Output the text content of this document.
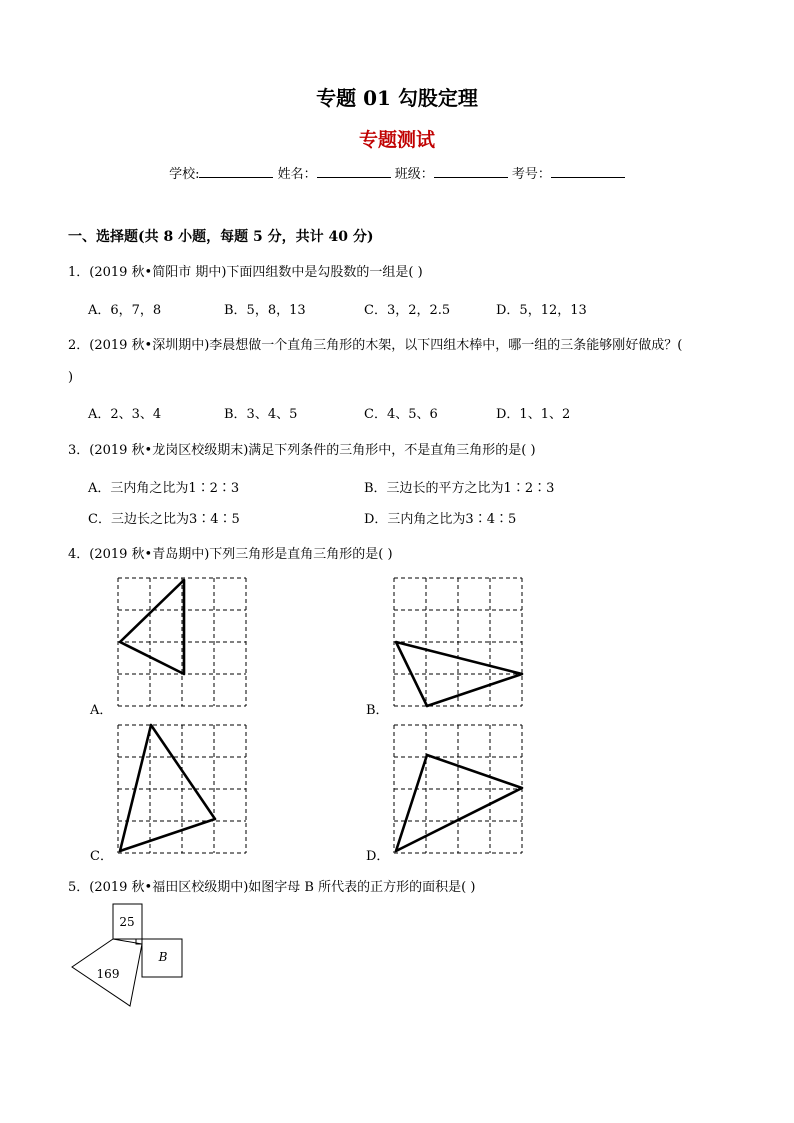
专题 01 勾股定理
专题测试
学校:	姓名：	班级：	考号：
一、选择题(共 8 小题，每题 5 分，共计 40 分)
1．(2019 秋•简阳市 期中)下面四组数中是勾股数的一组是( )
A．6，7，8	B．5，8，13	C．3，2，2.5	D．5，12，13
2．(2019 秋•深圳期中)李晨想做一个直角三角形的木架，以下四组木棒中，哪一组的三条能够刚好做成？(
)
A．2、3、4	B．3、4、5	C．4、5、6	D．1、1、2
3．(2019 秋•龙岗区校级期末)满足下列条件的三角形中，不是直角三角形的是( )
A．三内角之比为1∶2∶3	B．三边长的平方之比为1∶2∶3
C．三边长之比为3∶4∶5	D．三内角之比为3∶4∶5
4．(2019 秋•青岛期中)下列三角形是直角三角形的是( )
A．	B．
C．	D．
5．(2019 秋•福田区校级期中)如图字母 B 所代表的正方形的面积是( )
25
169
B
